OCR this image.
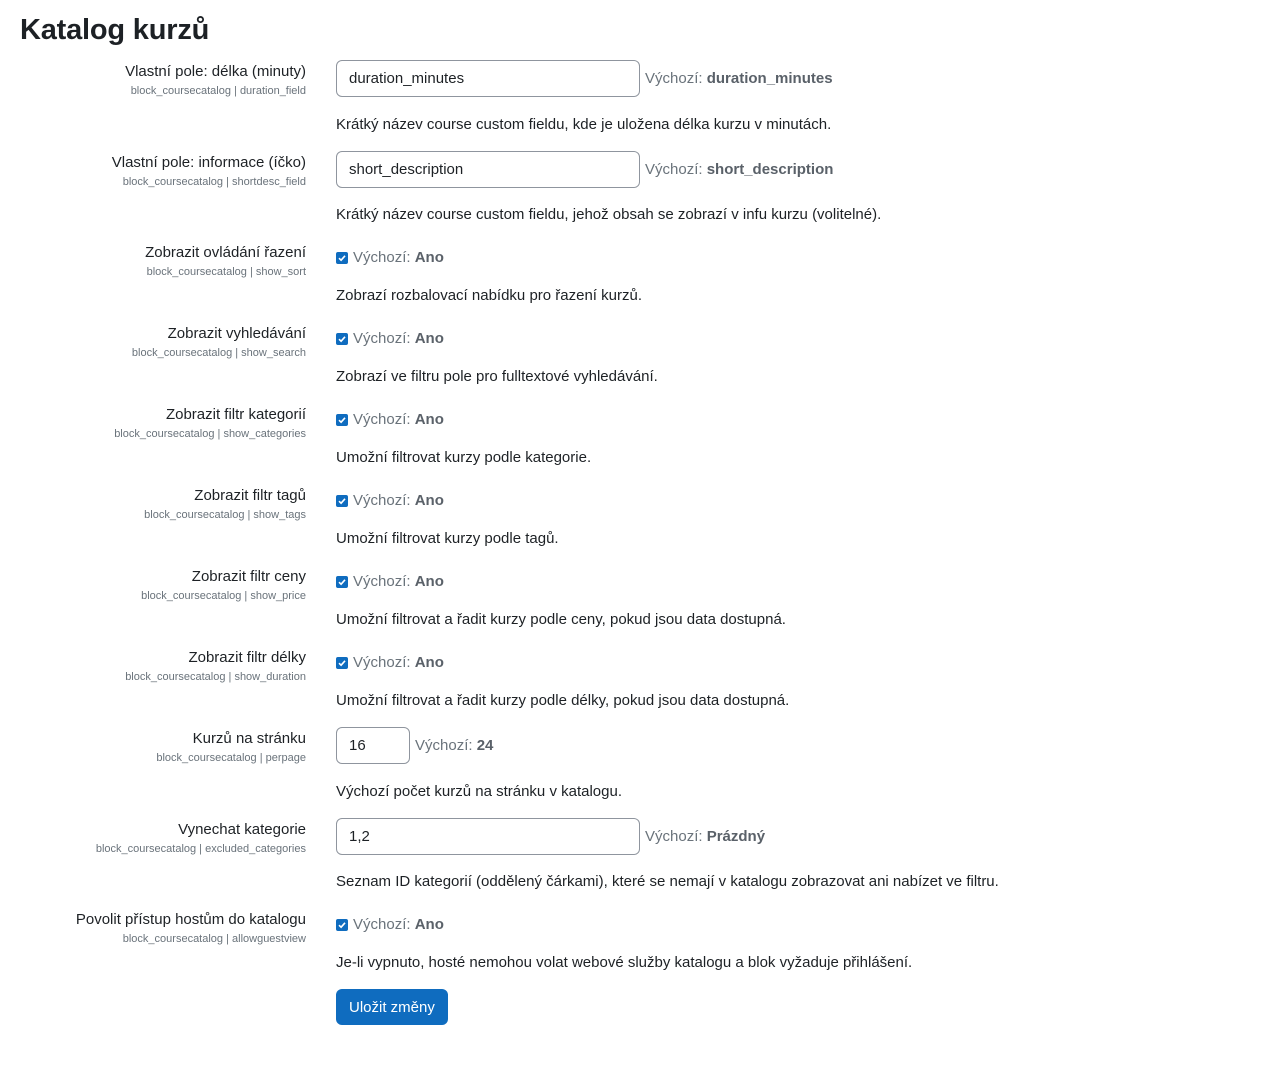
Katalog kurzů
Vlastní pole: délka (minuty)
block_coursecatalog | duration_field
duration_minutes	Výchozí: duration_minutes
Krátký název course custom fieldu, kde je uložena délka kurzu v minutách.
Vlastní pole: informace (íčko)
block_coursecatalog | shortdesc_field
short_description	Výchozí: short_description
Krátký název course custom fieldu, jehož obsah se zobrazí v infu kurzu (volitelné).
Zobrazit ovládání řazení
block_coursecatalog | show_sort
Výchozí: Ano
Zobrazí rozbalovací nabídku pro řazení kurzů.
Zobrazit vyhledávání
block_coursecatalog | show_search
Výchozí: Ano
Zobrazí ve filtru pole pro fulltextové vyhledávání.
Zobrazit filtr kategorií
block_coursecatalog | show_categories
Výchozí: Ano
Umožní filtrovat kurzy podle kategorie.
Zobrazit filtr tagů
block_coursecatalog | show_tags
Výchozí: Ano
Umožní filtrovat kurzy podle tagů.
Zobrazit filtr ceny
block_coursecatalog | show_price
Výchozí: Ano
Umožní filtrovat a řadit kurzy podle ceny, pokud jsou data dostupná.
Zobrazit filtr délky
block_coursecatalog | show_duration
Výchozí: Ano
Umožní filtrovat a řadit kurzy podle délky, pokud jsou data dostupná.
Kurzů na stránku
block_coursecatalog | perpage
16	Výchozí: 24
Výchozí počet kurzů na stránku v katalogu.
Vynechat kategorie
block_coursecatalog | excluded_categories
1,2	Výchozí: Prázdný
Seznam ID kategorií (oddělený čárkami), které se nemají v katalogu zobrazovat ani nabízet ve filtru.
Povolit přístup hostům do katalogu
block_coursecatalog | allowguestview
Výchozí: Ano
Je-li vypnuto, hosté nemohou volat webové služby katalogu a blok vyžaduje přihlášení.
Uložit změny
